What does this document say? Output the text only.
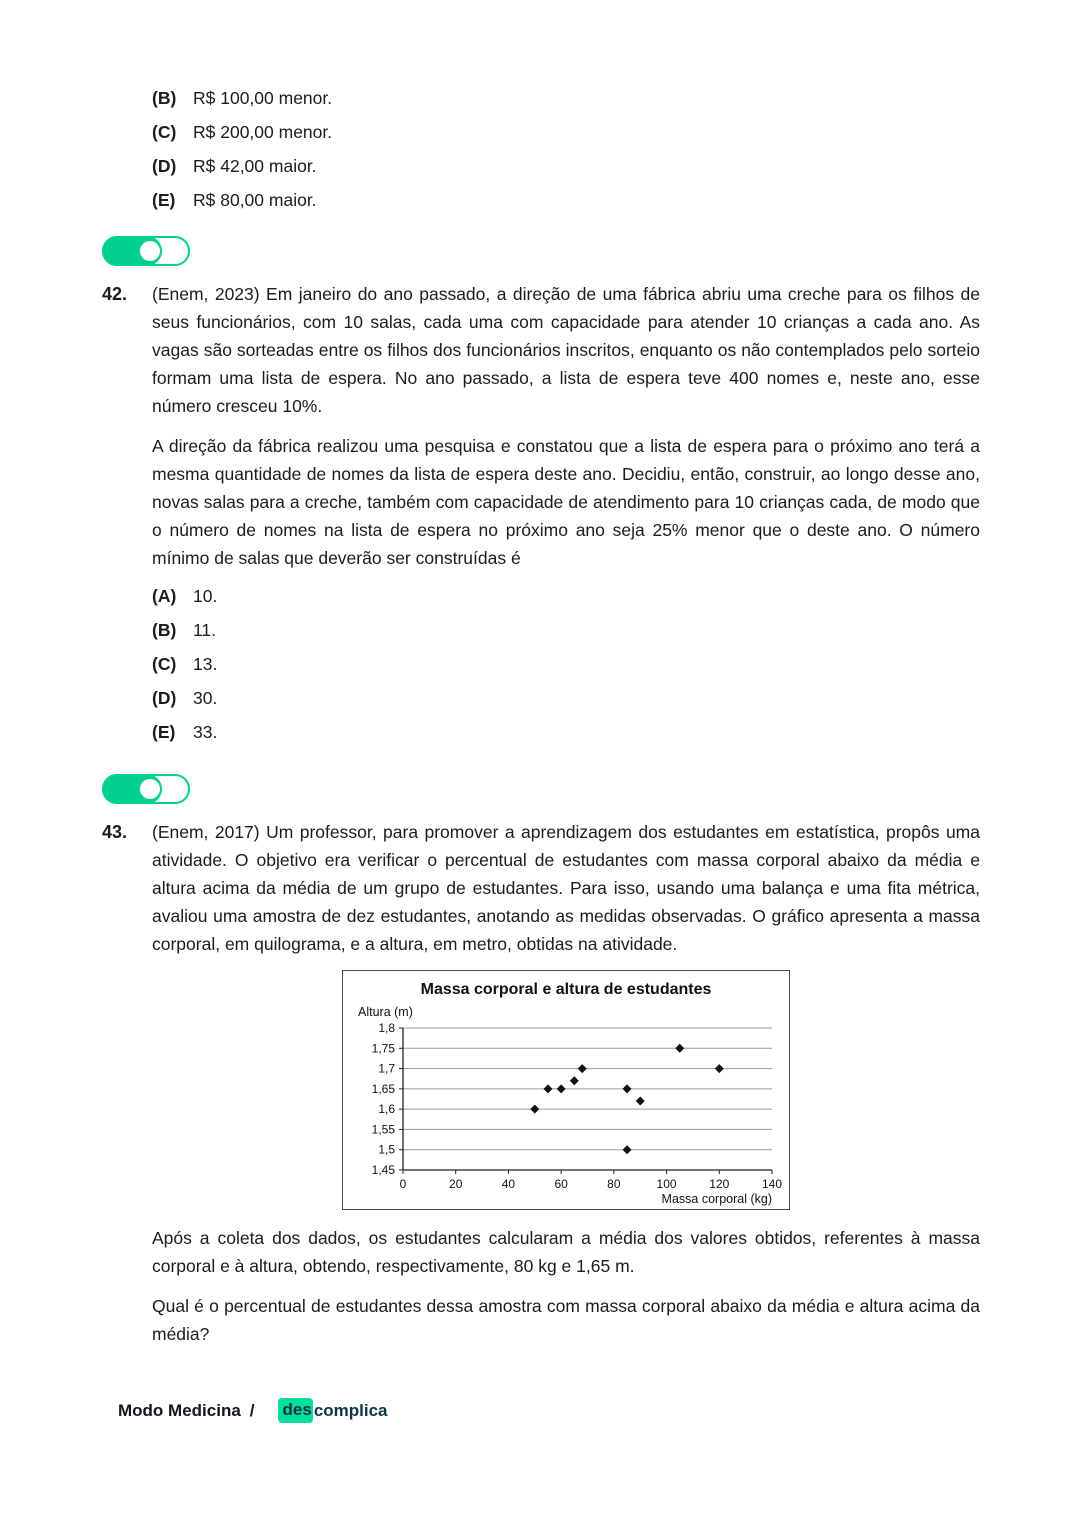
(B) R$ 100,00 menor.
(C) R$ 200,00 menor.
(D) R$ 42,00 maior.
(E)	R$ 80,00 maior.
42.	(Enem, 2023) Em janeiro do ano passado, a direção de uma fábrica abriu uma creche para os filhos de seus funcionários, com 10 salas, cada uma com capacidade para atender 10 crianças a cada ano. As vagas são sorteadas entre os filhos dos funcionários inscritos, enquanto os não contemplados pelo sorteio formam uma lista de espera. No ano passado, a lista de espera teve 400 nomes e, neste ano, esse número cresceu 10%.

A direção da fábrica realizou uma pesquisa e constatou que a lista de espera para o próximo ano terá a mesma quantidade de nomes da lista de espera deste ano. Decidiu, então, construir, ao longo desse ano, novas salas para a creche, também com capacidade de atendimento para 10 crianças cada, de modo que o número de nomes na lista de espera no próximo ano seja 25% menor que o deste ano. O número mínimo de salas que deverão ser construídas é

(A) 10.
(B) 11.
(C) 13.
(D) 30.
(E)	33.
43.	(Enem, 2017) Um professor, para promover a aprendizagem dos estudantes em estatística, propôs uma atividade. O objetivo era verificar o percentual de estudantes com massa corporal abaixo da média e altura acima da média de um grupo de estudantes. Para isso, usando uma balança e uma fita métrica, avaliou uma amostra de dez estudantes, anotando as medidas observadas. O gráfico apresenta a massa corporal, em quilograma, e a altura, em metro, obtidas na atividade.

Massa corporal e altura de estudantes
Altura (m)
1,45
1,5
1,55
1,6
1,65
1,7
1,75
1,8
0	20	40	60	80	100	120	140
Massa corporal (kg)

Após a coleta dos dados, os estudantes calcularam a média dos valores obtidos, referentes à massa corporal e à altura, obtendo, respectivamente, 80 kg e 1,65 m.

Qual é o percentual de estudantes dessa amostra com massa corporal abaixo da média e altura acima da média?

Modo Medicina / des complica
